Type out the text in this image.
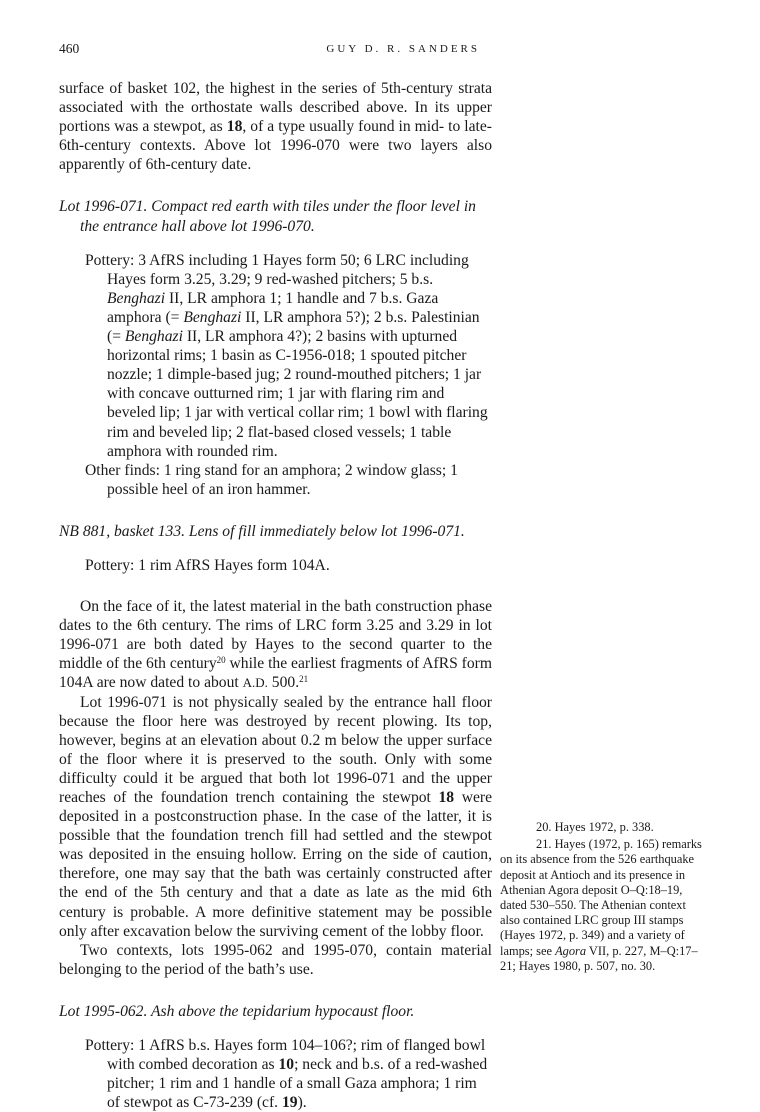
460	GUY D. R. SANDERS

surface of basket 102, the highest in the series of 5th-century strata associated with the orthostate walls described above. In its upper portions was a stewpot, as 18, of a type usually found in mid- to late-6th-century contexts. Above lot 1996-070 were two layers also apparently of 6th-century date.

Lot 1996-071. Compact red earth with tiles under the floor level in the entrance hall above lot 1996-070.

Pottery: 3 AfRS including 1 Hayes form 50; 6 LRC including Hayes form 3.25, 3.29; 9 red-washed pitchers; 5 b.s. Benghazi II, LR amphora 1; 1 handle and 7 b.s. Gaza amphora (= Benghazi II, LR amphora 5?); 2 b.s. Palestinian (= Benghazi II, LR amphora 4?); 2 basins with upturned horizontal rims; 1 basin as C-1956-018; 1 spouted pitcher nozzle; 1 dimple-based jug; 2 round-mouthed pitchers; 1 jar with concave outturned rim; 1 jar with flaring rim and beveled lip; 1 jar with vertical collar rim; 1 bowl with flaring rim and beveled lip; 2 flat-based closed vessels; 1 table amphora with rounded rim.

Other finds: 1 ring stand for an amphora; 2 window glass; 1 possible heel of an iron hammer.

NB 881, basket 133. Lens of fill immediately below lot 1996-071.

Pottery: 1 rim AfRS Hayes form 104A.

On the face of it, the latest material in the bath construction phase dates to the 6th century. The rims of LRC form 3.25 and 3.29 in lot 1996-071 are both dated by Hayes to the second quarter to the middle of the 6th century$^{20}$ while the earliest fragments of AfRS form 104A are now dated to about A.D. 500.21

Lot 1996-071 is not physically sealed by the entrance hall floor because the floor here was destroyed by recent plowing. Its top, however, begins at an elevation about 0.2 m below the upper surface of the floor where it is preserved to the south. Only with some difficulty could it be argued that both lot 1996-071 and the upper reaches of the foundation trench containing the stewpot 18 were deposited in a postconstruction phase. In the case of the latter, it is possible that the foundation trench fill had settled and the stewpot was deposited in the ensuing hollow. Erring on the side of caution, therefore, one may say that the bath was certainly constructed after the end of the 5th century and that a date as late as the mid 6th century is probable. A more definitive statement may be possible only after excavation below the surviving cement of the lobby floor.

Two contexts, lots 1995-062 and 1995-070, contain material belonging to the period of the bath’s use.

Lot 1995-062. Ash above the tepidarium hypocaust floor.

Pottery: 1 AfRS b.s. Hayes form 104–106?; rim of flanged bowl with combed decoration as 10; neck and b.s. of a red-washed pitcher; 1 rim and 1 handle of a small Gaza amphora; 1 rim of stewpot as C-73-239 (cf. 19).

20. Hayes 1972, p. 338.

21. Hayes (1972, p. 165) remarks on its absence from the 526 earthquake deposit at Antioch and its presence in Athenian Agora deposit O–Q:18–19, dated 530–550. The Athenian context also contained LRC group III stamps (Hayes 1972, p. 349) and a variety of lamps; see Agora VII, p. 227, M–Q:17–21; Hayes 1980, p. 507, no. 30.
